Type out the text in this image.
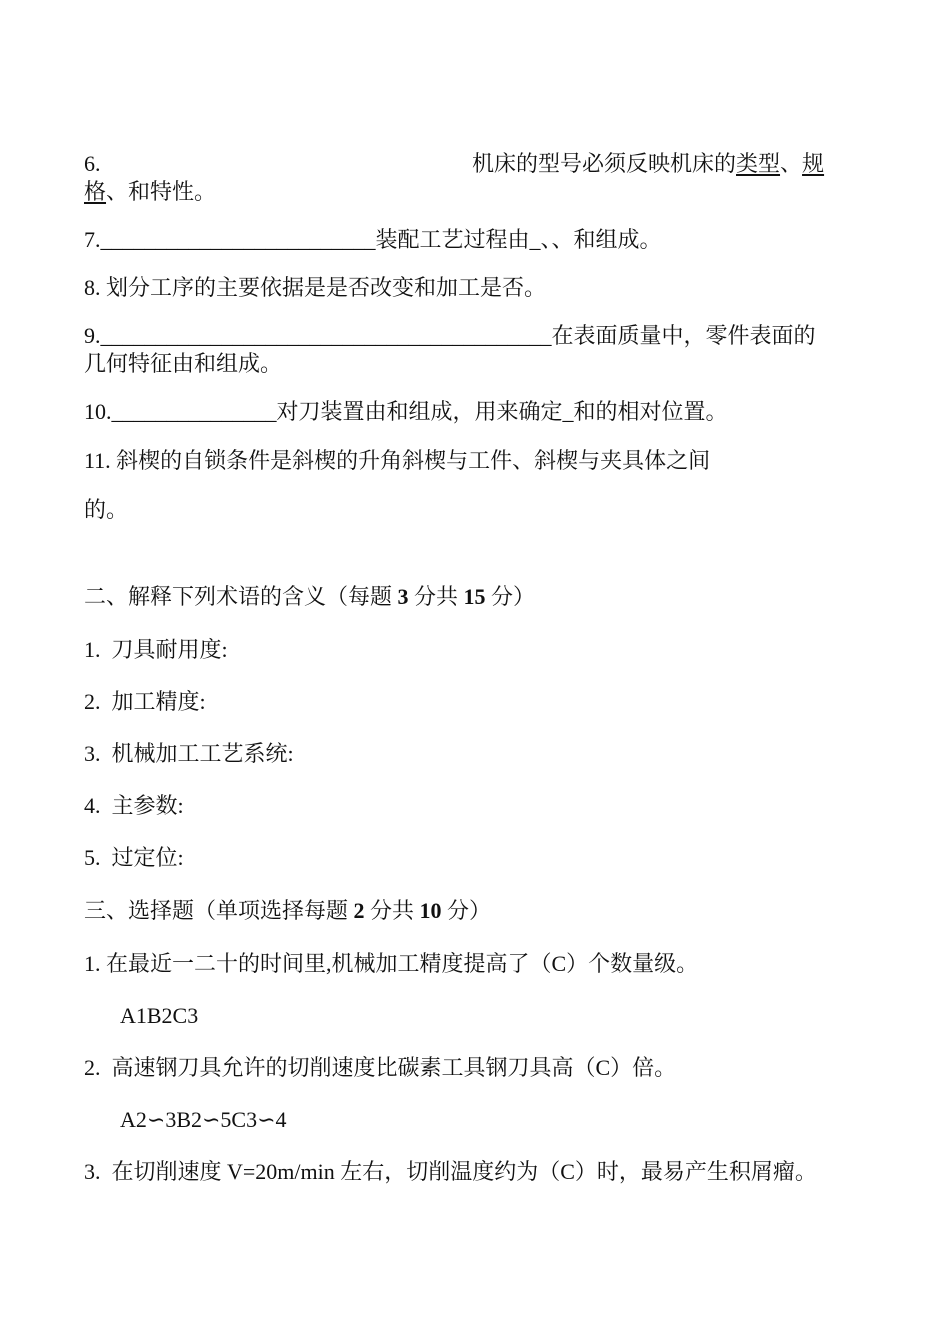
6.	机床的型号必须反映机床的类型、规
格、和特性。
7._________________________装配工艺过程由_、、和组成。
8. 划分工序的主要依据是是否改变和加工是否。
9._________________________________________在表面质量中，零件表面的
几何特征由和组成。
10._______________对刀装置由和组成，用来确定_和的相对位置。
11. 斜楔的自锁条件是斜楔的升角斜楔与工件、斜楔与夹具体之间
的。
二、解释下列术语的含义（每题 3 分共 15 分）
1.  刀具耐用度:
2.  加工精度:
3.  机械加工工艺系统:
4.  主参数:
5.  过定位:
三、选择题（单项选择每题 2 分共 10 分）
1. 在最近一二十的时间里,机械加工精度提高了（C）个数量级。
A1B2C3
2.  高速钢刀具允许的切削速度比碳素工具钢刀具高（C）倍。
A2∽3B2∽5C3∽4
3.  在切削速度 V=20m/min 左右，切削温度约为（C）时，最易产生积屑瘤。
